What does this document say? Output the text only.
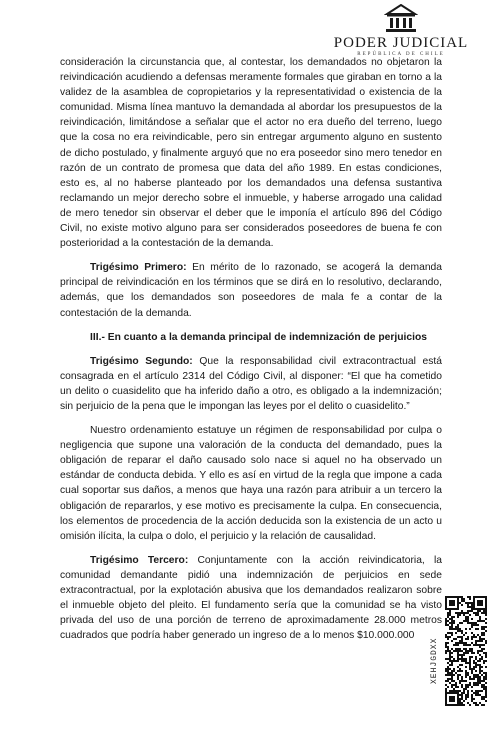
PODER JUDICIAL
REPÚBLICA DE CHILE

consideración la circunstancia que, al contestar, los demandados no objetaron la reivindicación acudiendo a defensas meramente formales que giraban en torno a la validez de la asamblea de copropietarios y la representatividad o existencia de la comunidad. Misma línea mantuvo la demandada al abordar los presupuestos de la reivindicación, limitándose a señalar que el actor no era dueño del terreno, luego que la cosa no era reivindicable, pero sin entregar argumento alguno en sustento de dicho postulado, y finalmente arguyó que no era poseedor sino mero tenedor en razón de un contrato de promesa que data del año 1989. En estas condiciones, esto es, al no haberse planteado por los demandados una defensa sustantiva reclamando un mejor derecho sobre el inmueble, y haberse arrogado una calidad de mero tenedor sin observar el deber que le imponía el artículo 896 del Código Civil, no existe motivo alguno para ser considerados poseedores de buena fe con posterioridad a la contestación de la demanda.

Trigésimo Primero: En mérito de lo razonado, se acogerá la demanda principal de reivindicación en los términos que se dirá en lo resolutivo, declarando, además, que los demandados son poseedores de mala fe a contar de la contestación de la demanda.

III.- En cuanto a la demanda principal de indemnización de perjuicios

Trigésimo Segundo: Que la responsabilidad civil extracontractual está consagrada en el artículo 2314 del Código Civil, al disponer: “El que ha cometido un delito o cuasidelito que ha inferido daño a otro, es obligado a la indemnización; sin perjuicio de la pena que le impongan las leyes por el delito o cuasidelito.”

Nuestro ordenamiento estatuye un régimen de responsabilidad por culpa o negligencia que supone una valoración de la conducta del demandado, pues la obligación de reparar el daño causado solo nace si aquel no ha observado un estándar de conducta debida. Y ello es así en virtud de la regla que impone a cada cual soportar sus daños, a menos que haya una razón para atribuir a un tercero la obligación de repararlos, y ese motivo es precisamente la culpa. En consecuencia, los elementos de procedencia de la acción deducida son la existencia de un acto u omisión ilícita, la culpa o dolo, el perjuicio y la relación de causalidad.

Trigésimo Tercero: Conjuntamente con la acción reivindicatoria, la comunidad demandante pidió una indemnización de perjuicios en sede extracontractual, por la explotación abusiva que los demandados realizaron sobre el inmueble objeto del pleito. El fundamento sería que la comunidad se ha visto privada del uso de una porción de terreno de aproximadamente 28.000 metros cuadrados que podría haber generado un ingreso de a lo menos $10.000.000

XEHJGDXX
